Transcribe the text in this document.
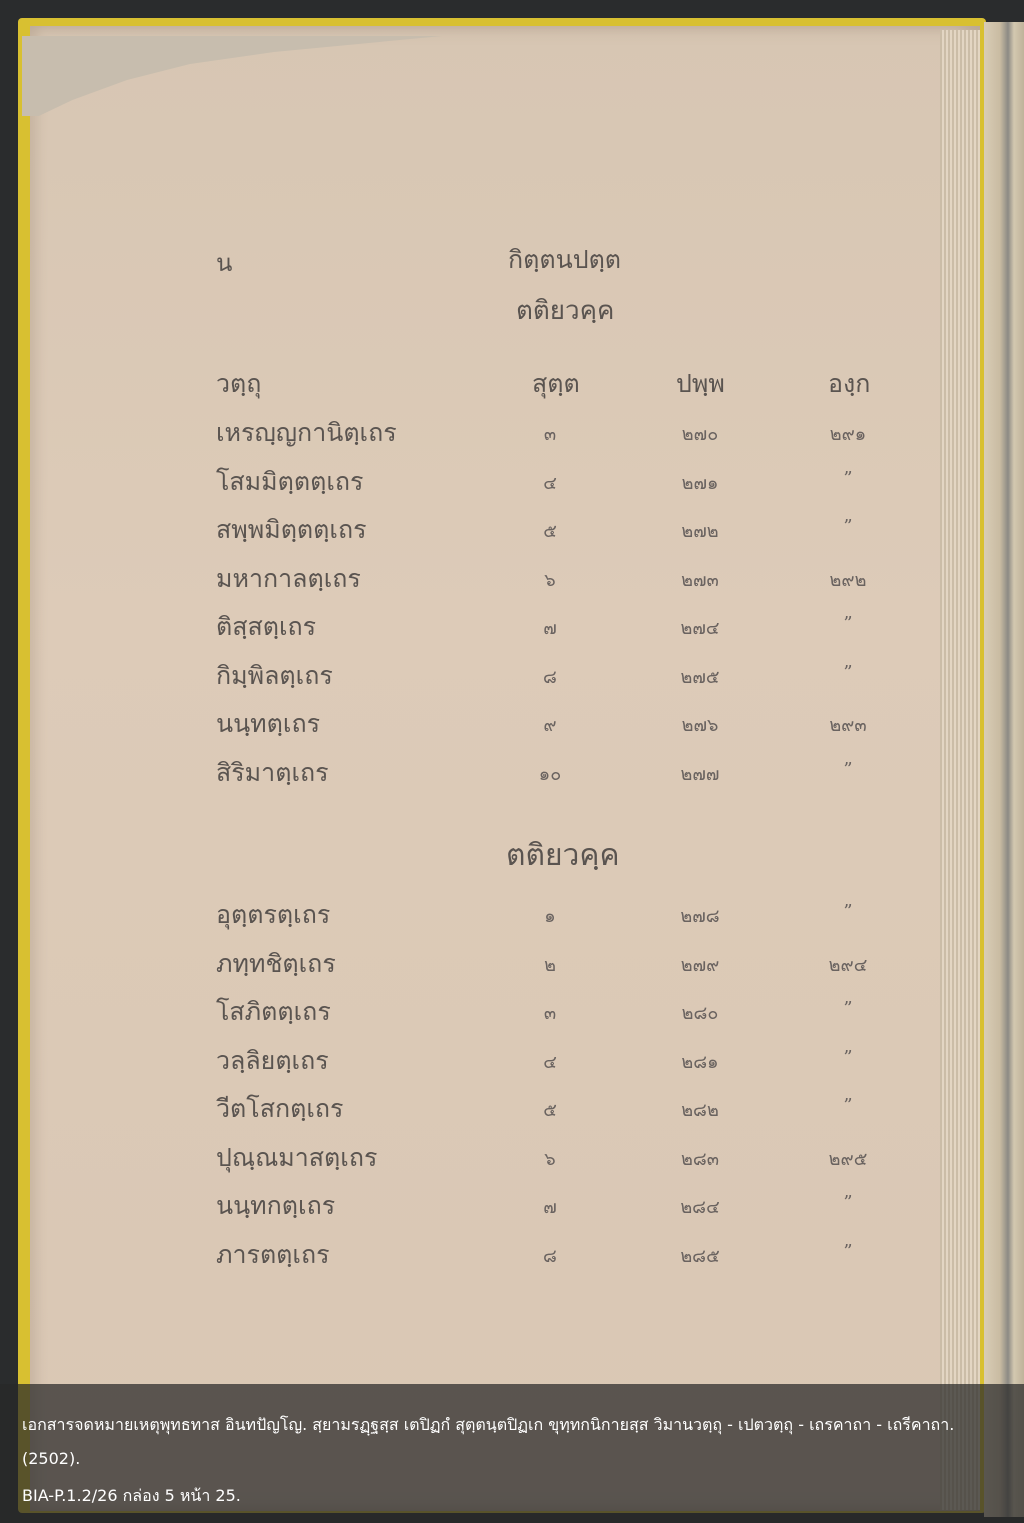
น	กิตฺตนปตฺต
ตติยวคฺค
วตฺถุ	สุตฺต	ปพฺพ	องฺก
เหรญฺญกานิตฺเถร	๓	๒๗๐	๒๙๑
โสมมิตฺตตฺเถร	๔	๒๗๑	”
สพฺพมิตฺตตฺเถร	๕	๒๗๒	”
มหากาลตฺเถร	๖	๒๗๓	๒๙๒
ติสฺสตฺเถร	๗	๒๗๔	”
กิมฺพิลตฺเถร	๘	๒๗๕	”
นนฺทตฺเถร	๙	๒๗๖	๒๙๓
สิริมาตฺเถร	๑๐	๒๗๗	”
ตติยวคฺค
อุตฺตรตฺเถร	๑	๒๗๘	”
ภทฺทชิตฺเถร	๒	๒๗๙	๒๙๔
โสภิตตฺเถร	๓	๒๘๐	”
วลฺลิยตฺเถร	๔	๒๘๑	”
วีตโสกตฺเถร	๕	๒๘๒	”
ปุณฺณมาสตฺเถร	๖	๒๘๓	๒๙๕
นนฺทกตฺเถร	๗	๒๘๔	”
ภารตตฺเถร	๘	๒๘๕	”
เอกสารจดหมายเหตุพุทธทาส อินทปัญโญ. สฺยามรฏฺฐสฺส เตปิฏกํ สุตฺตนฺตปิฏเก ขุทฺทกนิกายสฺส วิมานวตฺถุ - เปตวตฺถุ - เถรคาถา - เถรีคาถา. (2502).
BIA-P.1.2/26 กล่อง 5 หน้า 25.
